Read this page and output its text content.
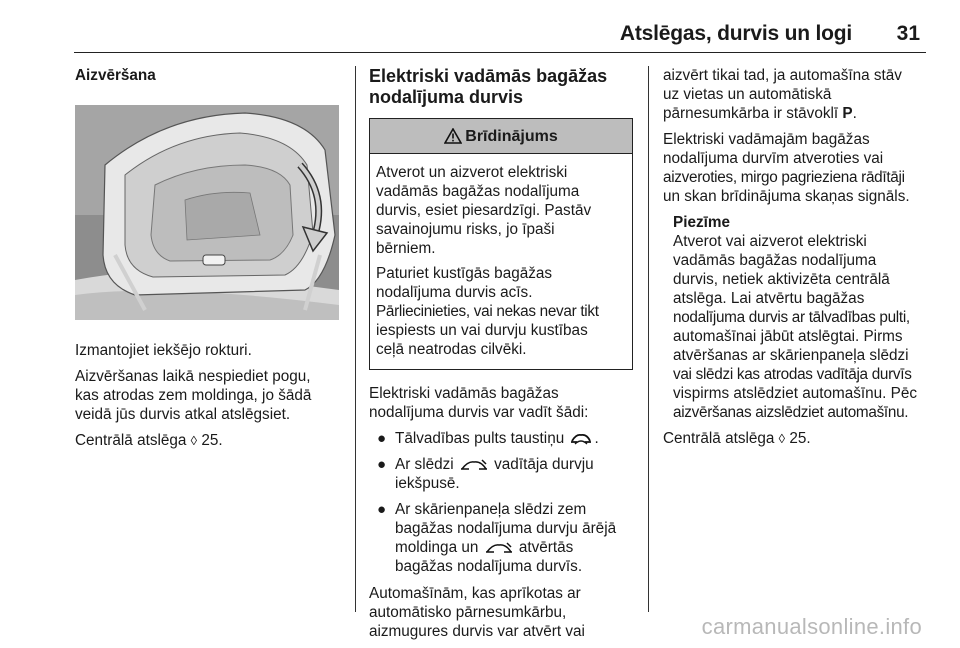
Atslēgas, durvis un logi 31
Aizvēršana

Izmantojiet iekšējo rokturi.

Aizvēršanas laikā nespiediet pogu,
kas atrodas zem moldinga, jo šādā
veidā jūs durvis atkal atslēgsiet.

Centrālā atslēga ◊ 25.

Elektriski vadāmās bagāžas
nodalījuma durvis
Brīdinājums

Atverot un aizverot elektriski
vadāmās bagāžas nodalījuma
durvis, esiet piesardzīgi. Pastāv
savainojumu risks, jo īpaši
bērniem.

Paturiet kustīgās bagāžas
nodalījuma durvis acīs.
Pārliecinieties, vai nekas nevar tikt
iespiests un vai durvju kustības
ceļā neatrodas cilvēki.

Elektriski vadāmās bagāžas
nodalījuma durvis var vadīt šādi:

● Tālvadības pults taustiņu .
● Ar slēdzi	vadītāja durvju
iekšpusē.
● Ar skārienpaneļa slēdzi zem
bagāžas nodalījuma durvju ārējā
moldinga un	atvērtās
bagāžas nodalījuma durvīs.

Automašīnām, kas aprīkotas ar
automātisko pārnesumkārbu,
aizmugures durvis var atvērt vai

aizvērt tikai tad, ja automašīna stāv
uz vietas un automātiskā
pārnesumkārba ir stāvoklī P.

Elektriski vadāmajām bagāžas
nodalījuma durvīm atveroties vai
aizveroties, mirgo pagrieziena rādītāji
un skan brīdinājuma skaņas signāls.

Piezīme
Atverot vai aizverot elektriski
vadāmās bagāžas nodalījuma
durvis, netiek aktivizēta centrālā
atslēga. Lai atvērtu bagāžas
nodalījuma durvis ar tālvadības pulti,
automašīnai jābūt atslēgtai. Pirms
atvēršanas ar skārienpaneļa slēdzi
vai slēdzi kas atrodas vadītāja durvīs
vispirms atslēdziet automašīnu. Pēc
aizvēršanas aizslēdziet automašīnu.

Centrālā atslēga ◊ 25.

carmanualsonline.info
